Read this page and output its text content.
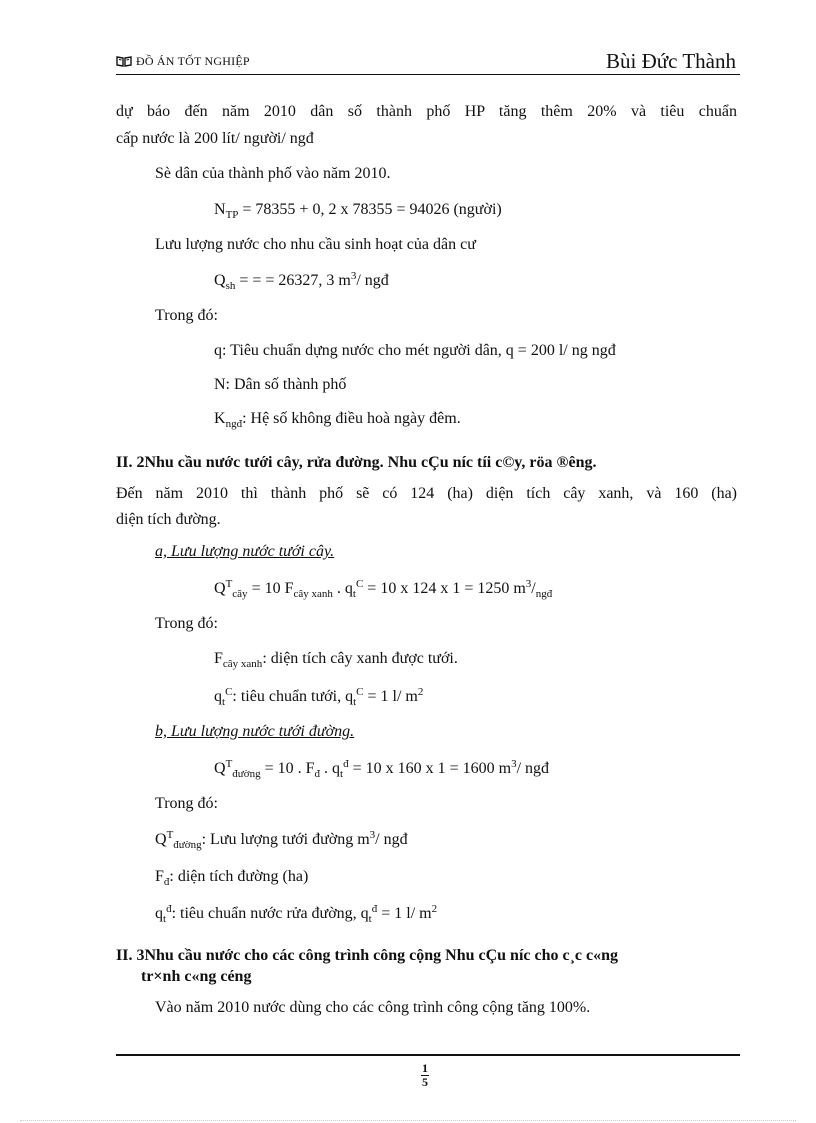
ĐỒ ÁN TỐT NGHIỆP	Bùi Đức Thành
dự báo đến năm 2010 dân số thành phố HP tăng thêm 20% và tiêu chuẩn
cấp nước là 200 lít/ người/ ngđ
Sè dân của thành phố vào năm 2010.
$N_{TP} = 78355 + 0$, 2 x 78355 = 94026 (người)
Lưu lượng nước cho nhu cầu sinh hoạt của dân cư
$Q_{sh}$ = = = 26327, 3 $m^3/$ ngđ
Trong đó:
q: Tiêu chuẩn dựng nước cho mét người dân, q = 200 l/ ng ngđ
N: Dân số thành phố
$K_{ngđ}$: Hệ số không điều hoà ngày đêm.
II. 2Nhu cầu nước tưới cây, rửa đường. Nhu cÇu níc tíi c©y, röa ®êng.
Đến năm 2010 thì thành phố sẽ có 124 (ha) diện tích cây xanh, và 160 (ha)
diện tích đường.
a, Lưu lượng nước tưới cây.
$Q^T_{cây} = 10$ $F_{cây xanh}$ . $q_t^C = 10$ x 124 x 1 = 1250 $m^3/_{ngđ}$
Trong đó:
$F_{cây xanh}$: diện tích cây xanh được tưới.
$q_t^C$: tiêu chuẩn tưới, $q_t^C = 1$ l/ $m^2$
b, Lưu lượng nước tưới đường.
$Q^T_{đường} = 10$ . $F_đ$ . $q_t^đ = 10$ x 160 x 1 = 1600 $m^3/$ ngđ
Trong đó:
$Q^T_{đường}$: Lưu lượng tưới đường $m^3/$ ngđ
$F_đ$: diện tích đường (ha)
$q_t^đ$: tiêu chuẩn nước rửa đường, $q_t^đ = 1$ l/ $m^2$
II. 3Nhu cầu nước cho các công trình công cộng Nhu cÇu níc cho c¸c c«ng
tr×nh c«ng céng
Vào năm 2010 nước dùng cho các công trình công cộng tăng 100%.
1
5
